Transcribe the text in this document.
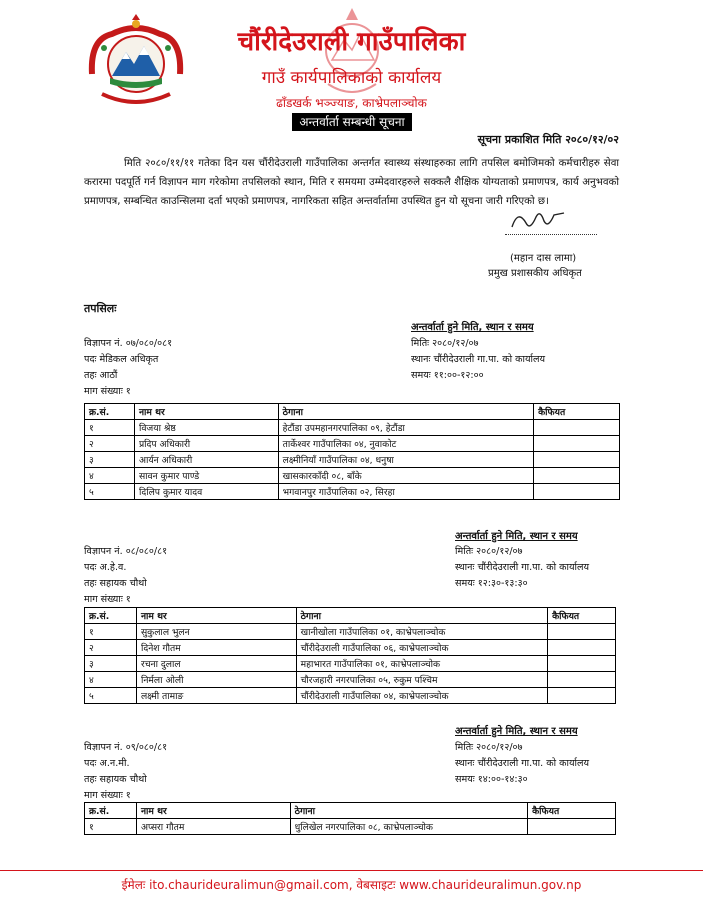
चौंरीदेउराली गाउँपालिका
गाउँ कार्यपालिकाको कार्यालय
ढाँडखर्क भञ्ज्याङ, काभ्रेपलाञ्चोक
अन्तर्वार्ता सम्बन्धी सूचना
सूचना प्रकाशित मिति २०८०/१२/०२
मिति २०८०/११/११ गतेका दिन यस चौंरीदेउराली गाउँपालिका अन्तर्गत स्वास्थ्य संस्थाहरुका लागि तपसिल बमोजिमको कर्मचारीहरु सेवा करारमा पदपूर्ति गर्न विज्ञापन माग गरेकोमा तपसिलको स्थान, मिति र समयमा उम्मेदवारहरुले सक्कलै शैक्षिक योग्यताको प्रमाणपत्र, कार्य अनुभवको प्रमाणपत्र, सम्बन्धित काउन्सिलमा दर्ता भएको प्रमाणपत्र, नागरिकता सहित अन्तर्वार्तामा उपस्थित हुन यो सूचना जारी गरिएको छ।
(महान दास लामा)
प्रमुख प्रशासकीय अधिकृत
तपसिलः
अन्तर्वार्ता हुने मिति, स्थान र समय
विज्ञापन नं. ०७/०८०/०८१
पदः मेडिकल अधिकृत
तहः आठौं
माग संख्याः १
मितिः २०८०/१२/०७
स्थानः चौंरीदेउराली गा.पा. को कार्यालय
समयः ११:००-१२:००
क्र.सं.	नाम थर	ठेगाना	कैफियत
१	विजया श्रेष्ठ	हेटौंडा उपमहानगरपालिका ०९, हेटौंडा	
२	प्रदिप अधिकारी	तार्केश्वर गाउँपालिका ०४, नुवाकोट	
३	आर्यन अधिकारी	लक्ष्मीनियाँ गाउँपालिका ०४, धनुषा	
४	सावन कुमार पाण्डे	खासकारकाँदी ०८, बाँके	
५	दिलिप कुमार यादव	भगवानपुर गाउँपालिका ०२, सिरहा	
अन्तर्वार्ता हुने मिति, स्थान र समय
विज्ञापन नं. ०८/०८०/८१
पदः अ.हे.व.
तहः सहायक चौथो
माग संख्याः १
मितिः २०८०/१२/०७
स्थानः चौंरीदेउराली गा.पा. को कार्यालय
समयः १२:३०-१३:३०
क्र.सं.	नाम थर	ठेगाना	कैफियत
१	सुकुलाल भुलन	खानीखोला गाउँपालिका ०१, काभ्रेपलाञ्चोक	
२	दिनेश गौतम	चौंरीदेउराली गाउँपालिका ०६, काभ्रेपलाञ्चोक	
३	रचना दुलाल	महाभारत गाउँपालिका ०१, काभ्रेपलाञ्चोक	
४	निर्मला ओली	चौरजहारी नगरपालिका ०५, रुकुम पश्चिम	
५	लक्ष्मी तामाङ	चौंरीदेउराली गाउँपालिका ०४, काभ्रेपलाञ्चोक	
अन्तर्वार्ता हुने मिति, स्थान र समय
विज्ञापन नं. ०९/०८०/८१
पदः अ.न.मी.
तहः सहायक चौथो
माग संख्याः १
मितिः २०८०/१२/०७
स्थानः चौंरीदेउराली गा.पा. को कार्यालय
समयः १४:००-१४:३०
क्र.सं.	नाम थर	ठेगाना	कैफियत
१	अप्सरा गौतम	धुलिखेल नगरपालिका ०८, काभ्रेपलाञ्चोक	
ईमेलः ito.chaurideuralimun@gmail.com, वेबसाइटः www.chaurideuralimun.gov.np
